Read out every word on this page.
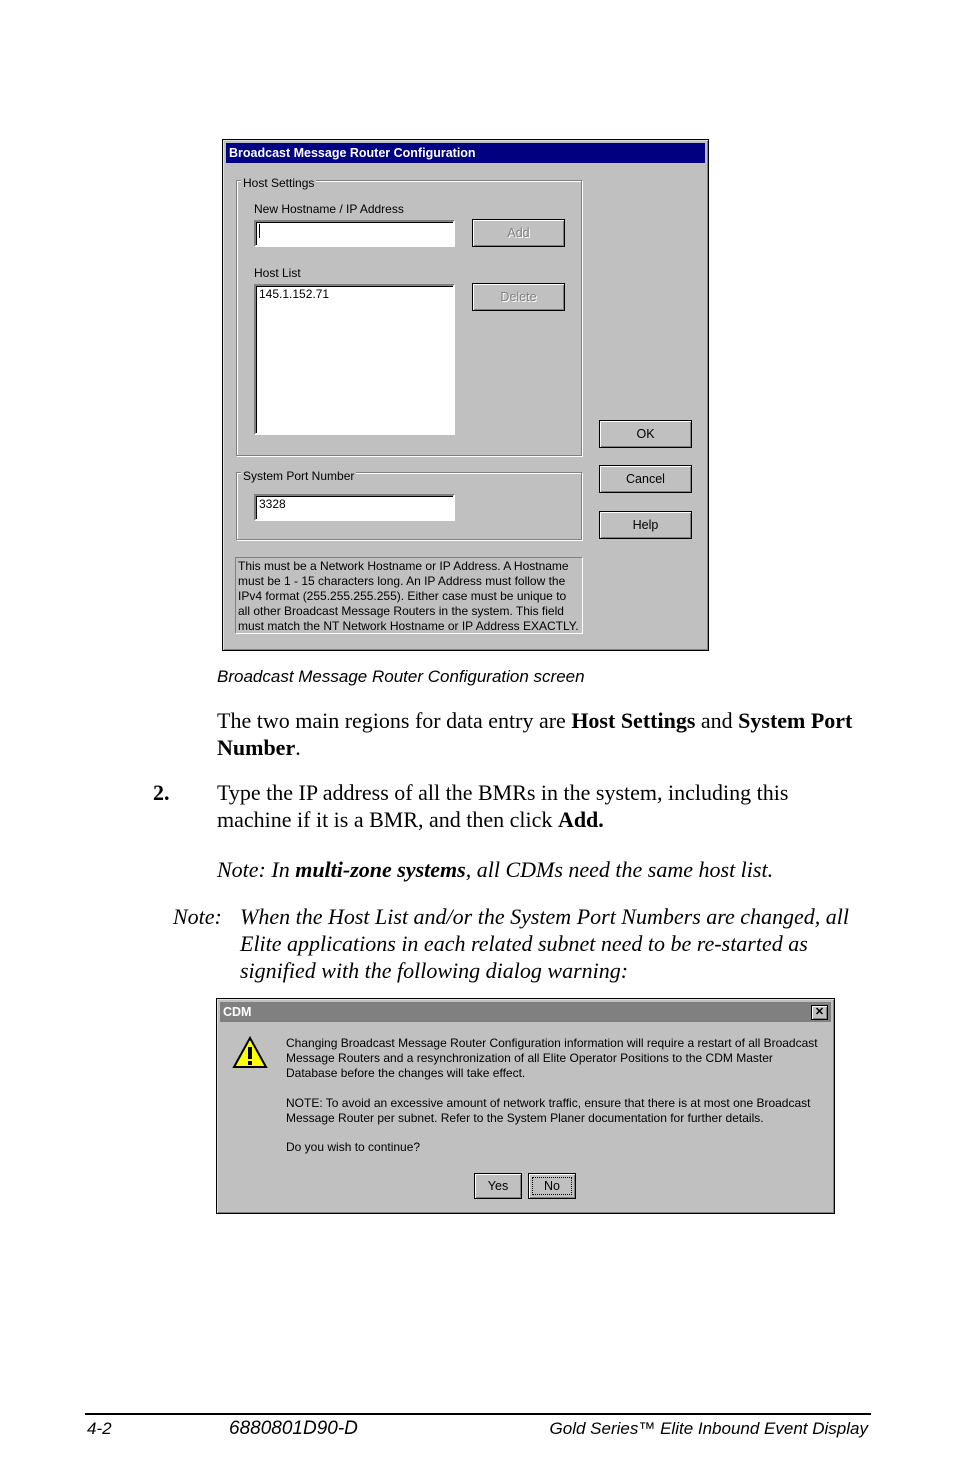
Broadcast Message Router Configuration
Host Settings
New Hostname / IP Address
Add
Host List
145.1.152.71	Delete
System Port Number
3328
OK
Cancel
Help
This must be a Network Hostname or IP Address. A Hostname must be 1 - 15 characters long. An IP Address must follow the IPv4 format (255.255.255.255). Either case must be unique to all other Broadcast Message Routers in the system. This field must match the NT Network Hostname or IP Address EXACTLY.
Broadcast Message Router Configuration screen
The two main regions for data entry are Host Settings and System Port Number.
2. Type the IP address of all the BMRs in the system, including this machine if it is a BMR, and then click Add.
Note: In multi-zone systems, all CDMs need the same host list.
Note: When the Host List and/or the System Port Numbers are changed, all Elite applications in each related subnet need to be re-started as signified with the following dialog warning:
CDM	✕
Changing Broadcast Message Router Configuration information will require a restart of all Broadcast Message Routers and a resynchronization of all Elite Operator Positions to the CDM Master Database before the changes will take effect.
NOTE: To avoid an excessive amount of network traffic, ensure that there is at most one Broadcast Message Router per subnet. Refer to the System Planer documentation for further details.
Do you wish to continue?
Yes	No
4-2	6880801D90-D	Gold Series™ Elite Inbound Event Display
